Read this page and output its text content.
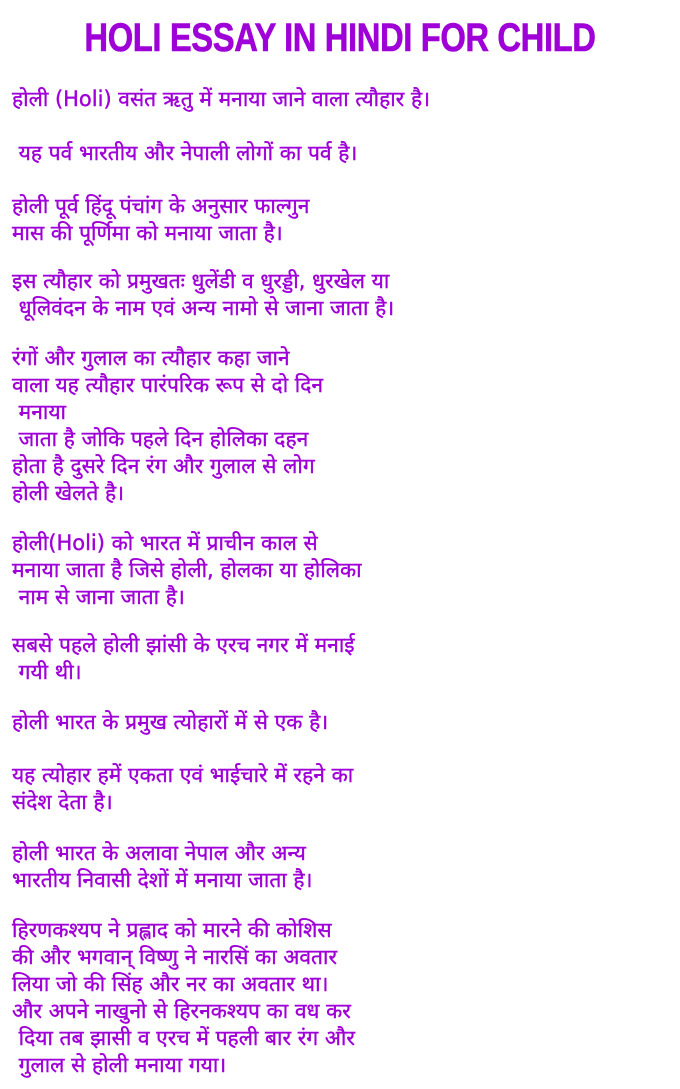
HOLI ESSAY IN HINDI FOR CHILD

होली (Holi) वसंत ऋतु में मनाया जाने वाला त्यौहार है।

यह पर्व भारतीय और नेपाली लोगों का पर्व है।

होली पूर्व हिंदू पंचांग के अनुसार फाल्गुन
मास की पूर्णिमा को मनाया जाता है।

इस त्यौहार को प्रमुखतः धुलेंडी व धुरड्डी, धुरखेल या
धूलिवंदन के नाम एवं अन्य नामो से जाना जाता है।

रंगों और गुलाल का त्यौहार कहा जाने
वाला यह त्यौहार पारंपरिक रूप से दो दिन
मनाया
जाता है जोकि पहले दिन होलिका दहन
होता है दुसरे दिन रंग और गुलाल से लोग
होली खेलते है।

होली(Holi) को भारत में प्राचीन काल से
मनाया जाता है जिसे होली, होलका या होलिका
नाम से जाना जाता है।

सबसे पहले होली झांसी के एरच नगर में मनाई
गयी थी।

होली भारत के प्रमुख त्योहारों में से एक है।

यह त्योहार हमें एकता एवं भाईचारे में रहने का
संदेश देता है।

होली भारत के अलावा नेपाल और अन्य
भारतीय निवासी देशों में मनाया जाता है।

हिरणकश्यप ने प्रह्लाद को मारने की कोशिस
की और भगवान् विष्णु ने नारसिं का अवतार
लिया जो की सिंह और नर का अवतार था।
और अपने नाखुनो से हिरनकश्यप का वध कर
दिया तब झासी व एरच में पहली बार रंग और
गुलाल से होली मनाया गया।
